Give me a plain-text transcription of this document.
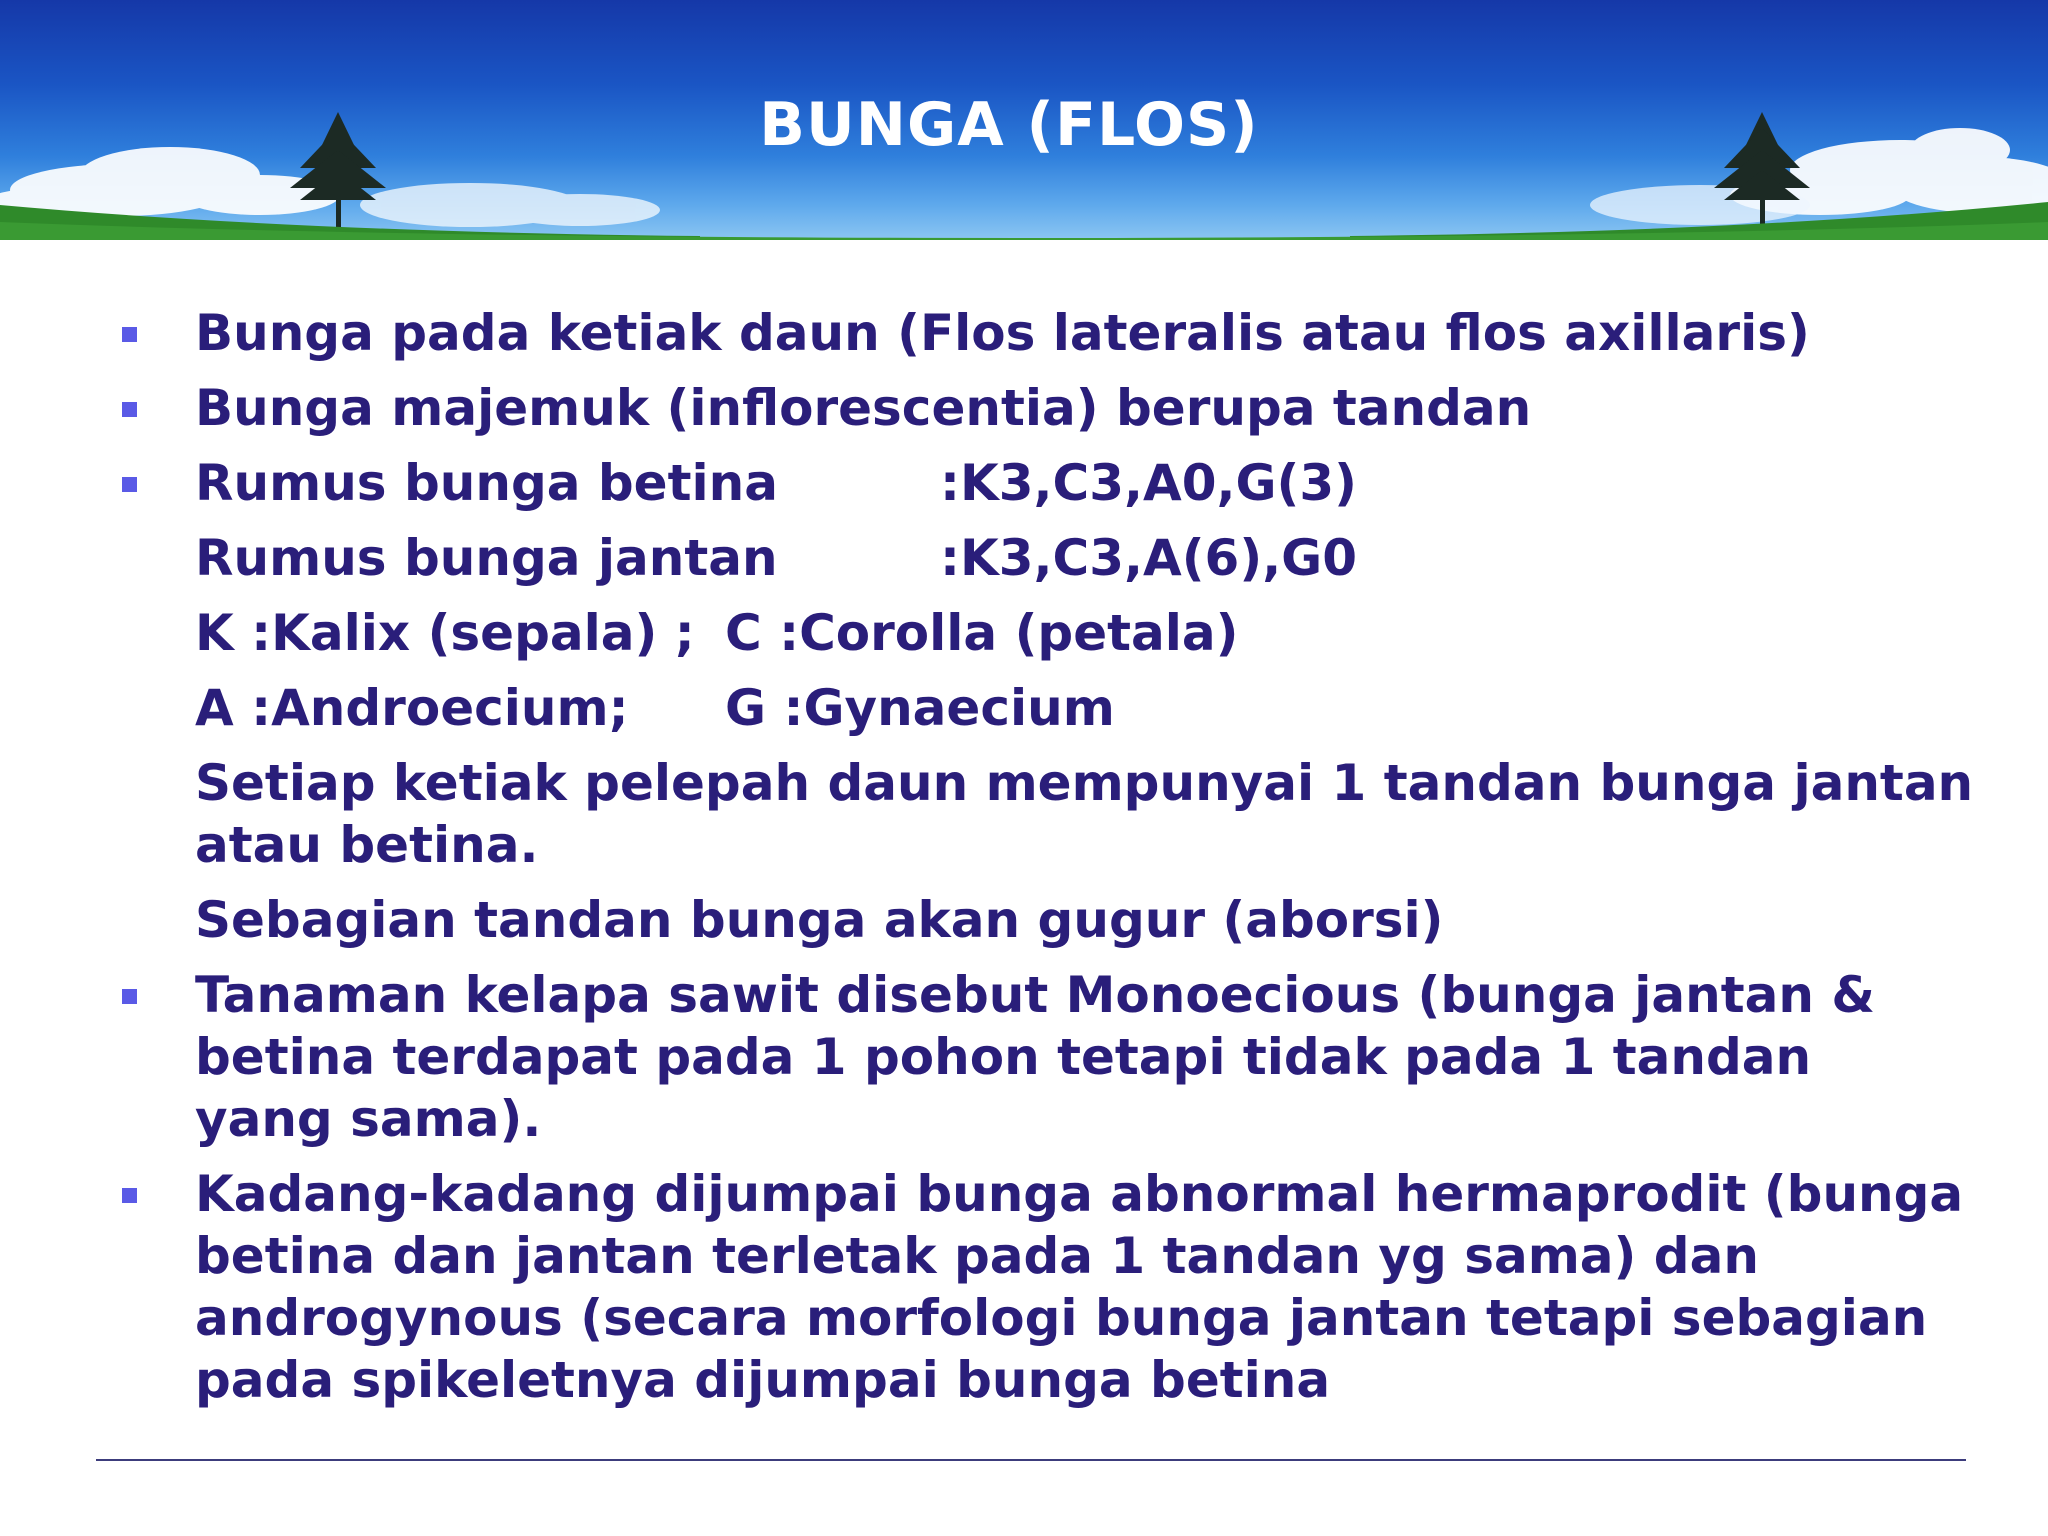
BUNGA (FLOS)

Bunga pada ketiak daun (Flos lateralis atau flos axillaris)

Bunga majemuk (inflorescentia) berupa tandan

Rumus bunga betina	:K3,C3,A0,G(3)
Rumus bunga jantan	:K3,C3,A(6),G0
K :Kalix (sepala) ; C :Corolla (petala)
A :Androecium; G :Gynaecium

Setiap ketiak pelepah daun mempunyai 1 tandan bunga jantan

atau betina.

Sebagian tandan bunga akan gugur (aborsi)

Tanaman kelapa sawit disebut Monoecious (bunga jantan &

betina terdapat pada 1 pohon tetapi tidak pada 1 tandan

yang sama).

Kadang-kadang dijumpai bunga abnormal hermaprodit (bunga

betina dan jantan terletak pada 1 tandan yg sama) dan

androgynous (secara morfologi bunga jantan tetapi sebagian

pada spikeletnya dijumpai bunga betina
